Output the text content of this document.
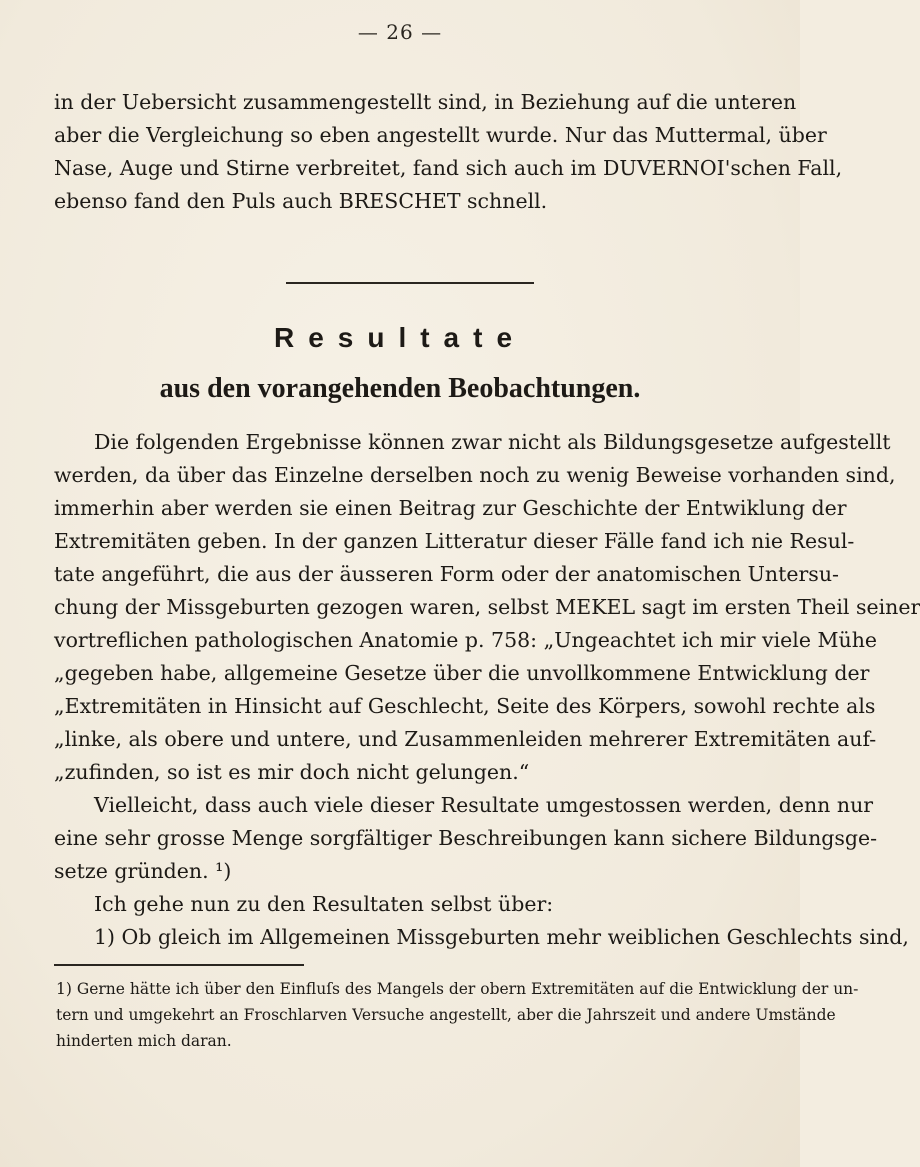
— 26 —
in der Uebersicht zusammengestellt sind, in Beziehung auf die unteren
aber die Vergleichung so eben angestellt wurde. Nur das Muttermal, über
Nase, Auge und Stirne verbreitet, fand sich auch im DUVERNOI'schen Fall,
ebenso fand den Puls auch BRESCHET schnell.
Resultate
aus den vorangehenden Beobachtungen.
Die folgenden Ergebnisse können zwar nicht als Bildungsgesetze aufgestellt
werden, da über das Einzelne derselben noch zu wenig Beweise vorhanden sind,
immerhin aber werden sie einen Beitrag zur Geschichte der Entwiklung der
Extremitäten geben. In der ganzen Litteratur dieser Fälle fand ich nie Resul-
tate angeführt, die aus der äusseren Form oder der anatomischen Untersu-
chung der Missgeburten gezogen waren, selbst MEKEL sagt im ersten Theil seiner
vortreflichen pathologischen Anatomie p. 758: „Ungeachtet ich mir viele Mühe
„gegeben habe, allgemeine Gesetze über die unvollkommene Entwicklung der
„Extremitäten in Hinsicht auf Geschlecht, Seite des Körpers, sowohl rechte als
„linke, als obere und untere, und Zusammenleiden mehrerer Extremitäten auf-
„zufinden, so ist es mir doch nicht gelungen.“
Vielleicht, dass auch viele dieser Resultate umgestossen werden, denn nur
eine sehr grosse Menge sorgfältiger Beschreibungen kann sichere Bildungsge-
setze gründen. ¹)
Ich gehe nun zu den Resultaten selbst über:
1) Ob gleich im Allgemeinen Missgeburten mehr weiblichen Geschlechts sind,
1) Gerne hätte ich über den Einfluſs des Mangels der obern Extremitäten auf die Entwicklung der un-
tern und umgekehrt an Froschlarven Versuche angestellt, aber die Jahrszeit und andere Umstände
hinderten mich daran.
